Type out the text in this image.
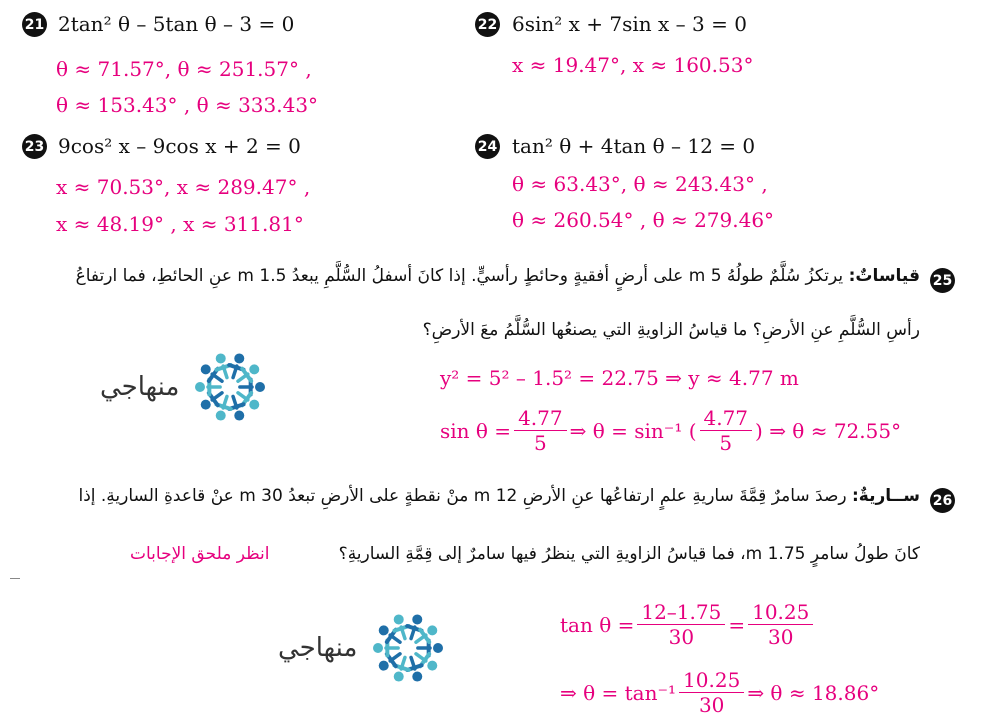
21 2tan² θ – 5tan θ – 3 = 0
θ ≈ 71.57°, θ ≈ 251.57° ,
θ ≈ 153.43° , θ ≈ 333.43°
22 6sin² x + 7sin x – 3 = 0
x ≈ 19.47°, x ≈ 160.53°
23 9cos² x – 9cos x + 2 = 0
x ≈ 70.53°, x ≈ 289.47° ,
x ≈ 48.19° , x ≈ 311.81°
24 tan² θ + 4tan θ – 12 = 0
θ ≈ 63.43°, θ ≈ 243.43° ,
θ ≈ 260.54° , θ ≈ 279.46°
25
قياساتٌ: يرتكزُ سُلَّمٌ طولُهُ 5 m على أرضٍ أفقيةٍ وحائطٍ رأسيٍّ. إذا كانَ أسفلُ السُّلَّمِ يبعدُ 1.5 m عنِ الحائطِ، فما ارتفاعُ
رأسِ السُّلَّمِ عنِ الأرضِ؟ ما قياسُ الزاويةِ التي يصنعُها السُّلَّمُ معَ الأرضِ؟
منهاجي	y² = 5² – 1.5² = 22.75 ⇒ y ≈ 4.77 m
$\sin \theta = \frac{4.77}{5}$ ⇒ θ = sin⁻¹ ( $\frac{4.77}{5}$ ) ⇒ θ ≈ 72.55°
26
ســاريةٌ: رصدَ سامرٌ قِمَّةَ ساريةِ علمٍ ارتفاعُها عنِ الأرضِ 12 m منْ نقطةٍ على الأرضِ تبعدُ 30 m عنْ قاعدةِ الساريةِ. إذا
كانَ طولُ سامرٍ 1.75 m، فما قياسُ الزاويةِ التي ينظرُ فيها سامرٌ إلى قِمَّةِ الساريةِ؟
انظر ملحق الإجابات
منهاجي
$\tan \theta = \frac{12-1.75}{30} = \frac{10.25}{30}$
⇒ $\theta = \tan^{-1} \frac{10.25}{30}$ ⇒ θ ≈ 18.86°
